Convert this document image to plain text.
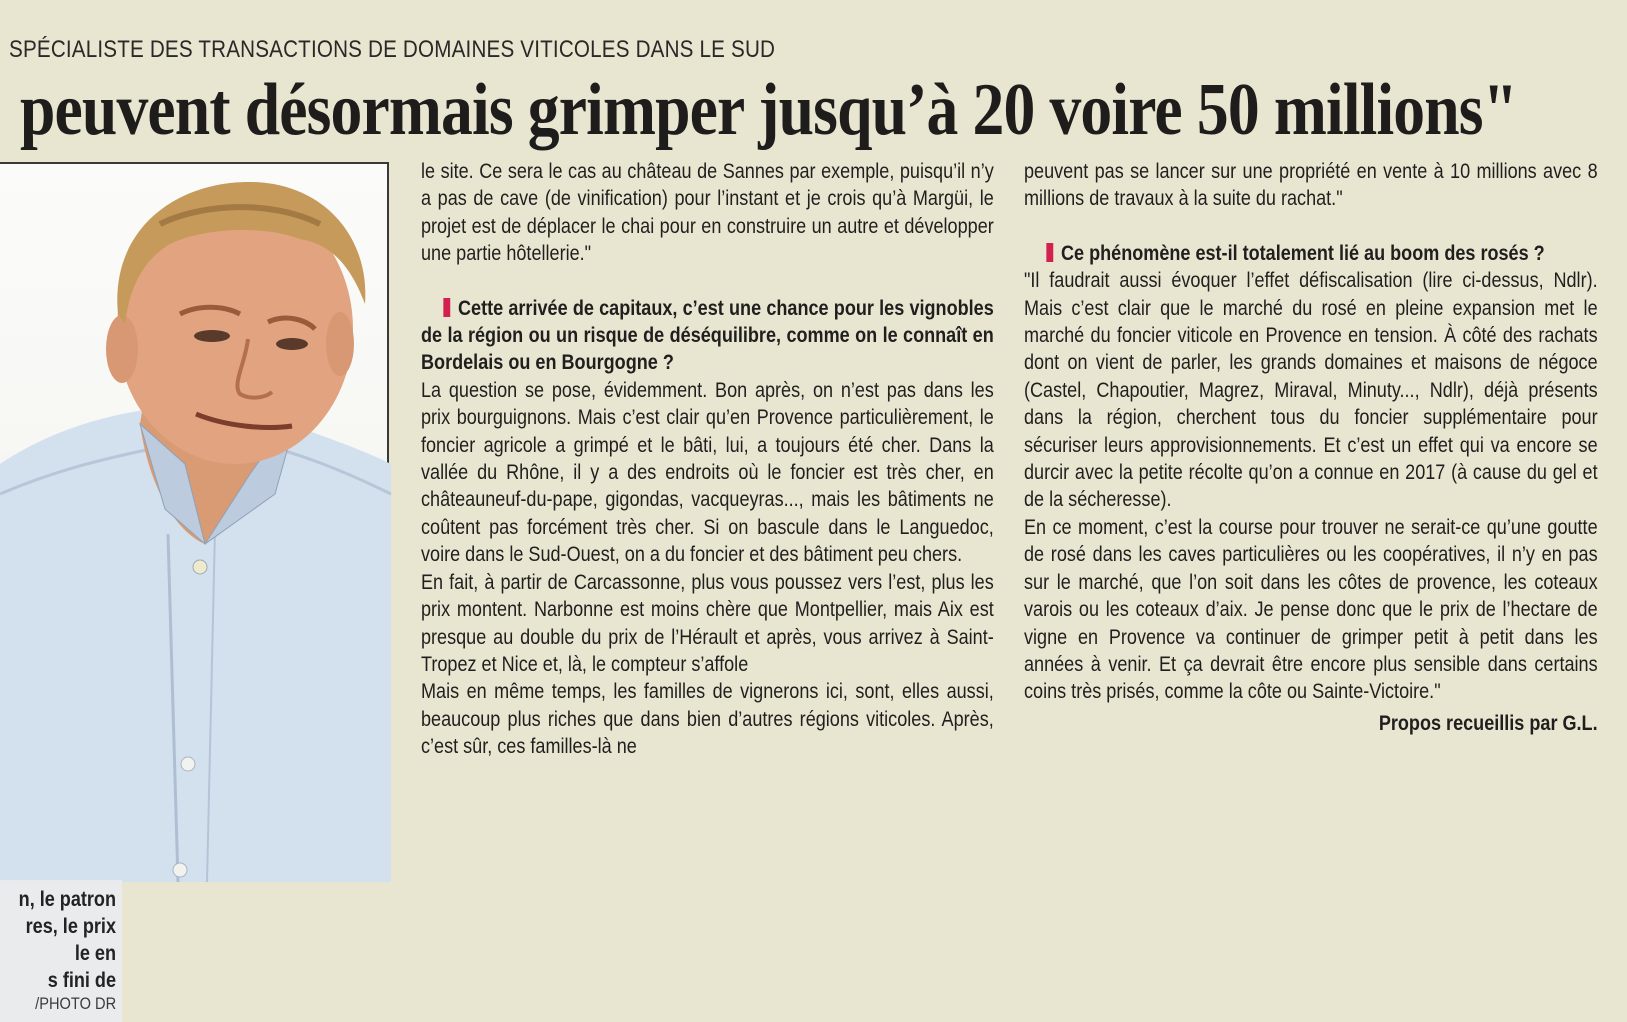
SPÉCIALISTE DES TRANSACTIONS DE DOMAINES VITICOLES DANS LE SUD
peuvent désormais grimper jusqu’à 20 voire 50 millions"
n, le patron
res, le prix
le en
s fini de
/PHOTO DR

le site. Ce sera le cas au château de Sannes par exemple, puisqu’il n’y a pas de cave (de vinification) pour l’instant et je crois qu’à Margüi, le projet est de déplacer le chai pour en construire un autre et développer une partie hôtellerie."

Cette arrivée de capitaux, c’est une chance pour les vignobles de la région ou un risque de déséquilibre, comme on le connaît en Bordelais ou en Bourgogne ?

La question se pose, évidemment. Bon après, on n’est pas dans les prix bourguignons. Mais c’est clair qu’en Provence particulièrement, le foncier agricole a grimpé et le bâti, lui, a toujours été cher. Dans la vallée du Rhône, il y a des endroits où le foncier est très cher, en châteauneuf-du-pape, gigondas, vacqueyras..., mais les bâtiments ne coûtent pas forcément très cher. Si on bascule dans le Languedoc, voire dans le Sud-Ouest, on a du foncier et des bâtiment peu chers.

En fait, à partir de Carcassonne, plus vous poussez vers l’est, plus les prix montent. Narbonne est moins chère que Montpellier, mais Aix est presque au double du prix de l’Hérault et après, vous arrivez à Saint-Tropez et Nice et, là, le compteur s’affole

Mais en même temps, les familles de vignerons ici, sont, elles aussi, beaucoup plus riches que dans bien d’autres régions viticoles. Après, c’est sûr, ces familles-là ne

peuvent pas se lancer sur une propriété en vente à 10 millions avec 8 millions de travaux à la suite du rachat."

Ce phénomène est-il totalement lié au boom des rosés ?

"Il faudrait aussi évoquer l’effet défiscalisation (lire ci-dessus, Ndlr). Mais c’est clair que le marché du rosé en pleine expansion met le marché du foncier viticole en Provence en tension. À côté des rachats dont on vient de parler, les grands domaines et maisons de négoce (Castel, Chapoutier, Magrez, Miraval, Minuty..., Ndlr), déjà présents dans la région, cherchent tous du foncier supplémentaire pour sécuriser leurs approvisionnements. Et c’est un effet qui va encore se durcir avec la petite récolte qu’on a connue en 2017 (à cause du gel et de la sécheresse).

En ce moment, c’est la course pour trouver ne serait-ce qu’une goutte de rosé dans les caves particulières ou les coopératives, il n’y en pas sur le marché, que l’on soit dans les côtes de provence, les coteaux varois ou les coteaux d’aix. Je pense donc que le prix de l’hectare de vigne en Provence va continuer de grimper petit à petit dans les années à venir. Et ça devrait être encore plus sensible dans certains coins très prisés, comme la côte ou Sainte-Victoire."

Propos recueillis par G.L.
